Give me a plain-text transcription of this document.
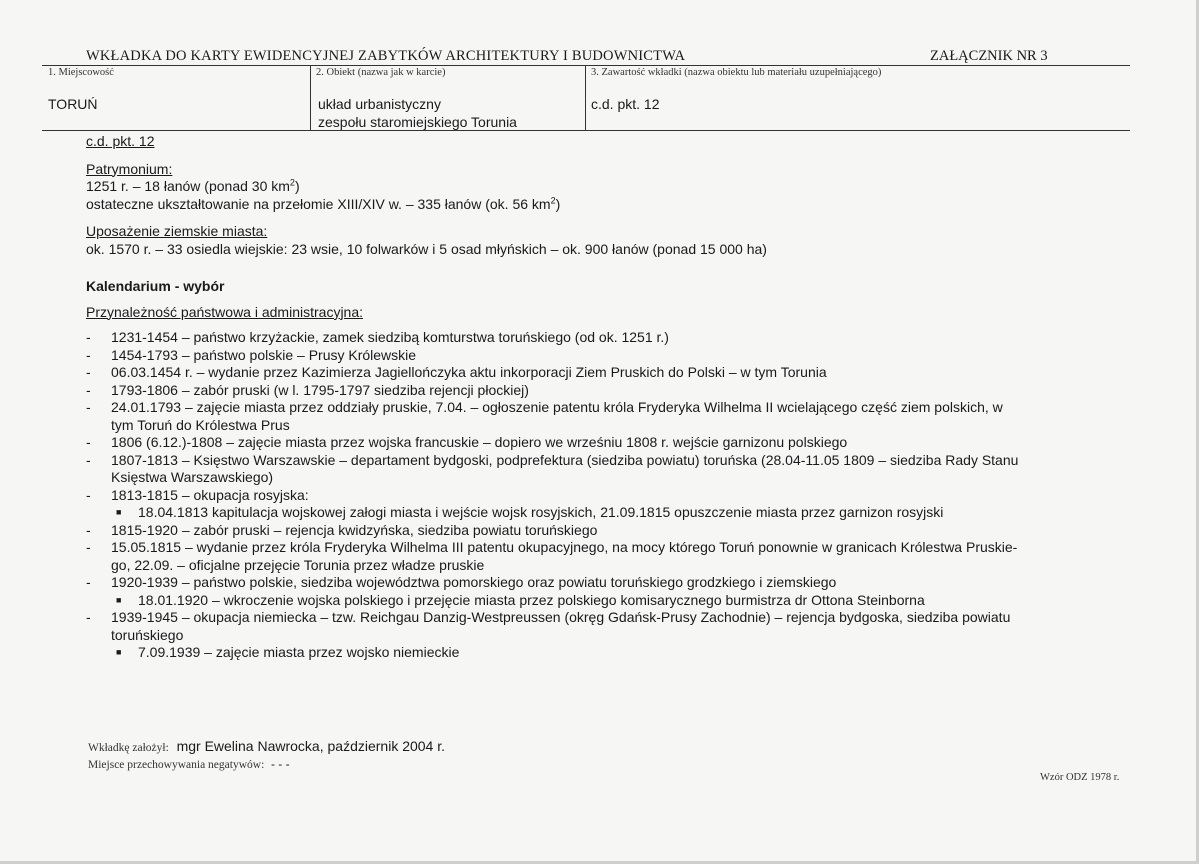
WKŁADKA DO KARTY EWIDENCYJNEJ ZABYTKÓW ARCHITEKTURY I BUDOWNICTWA	ZAŁĄCZNIK NR 3
1. Miejscowość
TORUŃ
2. Obiekt (nazwa jak w karcie)
układ urbanistyczny
zespołu staromiejskiego Torunia
3. Zawartość wkładki (nazwa obiektu lub materiału uzupełniającego)
c.d. pkt. 12
c.d. pkt. 12
Patrymonium:
1251 r. – 18 łanów (ponad 30 $km^2$)
ostateczne ukształtowanie na przełomie XIII/XIV w. – 335 łanów (ok. 56 $km^2$)
Uposażenie ziemskie miasta:
ok. 1570 r. – 33 osiedla wiejskie: 23 wsie, 10 folwarków i 5 osad młyńskich – ok. 900 łanów (ponad 15 000 ha)
Kalendarium - wybór
Przynależność państwowa i administracyjna:
- 1231-1454 – państwo krzyżackie, zamek siedzibą komturstwa toruńskiego (od ok. 1251 r.)
- 1454-1793 – państwo polskie – Prusy Królewskie
- 06.03.1454 r. – wydanie przez Kazimierza Jagiellończyka aktu inkorporacji Ziem Pruskich do Polski – w tym Torunia
- 1793-1806 – zabór pruski (w l. 1795-1797 siedziba rejencji płockiej)
- 24.01.1793 – zajęcie miasta przez oddziały pruskie, 7.04. – ogłoszenie patentu króla Fryderyka Wilhelma II wcielającego część ziem polskich, w
tym Toruń do Królestwa Prus
- 1806 (6.12.)-1808 – zajęcie miasta przez wojska francuskie – dopiero we wrześniu 1808 r. wejście garnizonu polskiego
- 1807-1813 – Księstwo Warszawskie – departament bydgoski, podprefektura (siedziba powiatu) toruńska (28.04-11.05 1809 – siedziba Rady Stanu
Księstwa Warszawskiego)
- 1813-1815 – okupacja rosyjska:
■ 18.04.1813 kapitulacja wojskowej załogi miasta i wejście wojsk rosyjskich, 21.09.1815 opuszczenie miasta przez garnizon rosyjski
- 1815-1920 – zabór pruski – rejencja kwidzyńska, siedziba powiatu toruńskiego
- 15.05.1815 – wydanie przez króla Fryderyka Wilhelma III patentu okupacyjnego, na mocy którego Toruń ponownie w granicach Królestwa Pruskie-
go, 22.09. – oficjalne przejęcie Torunia przez władze pruskie
- 1920-1939 – państwo polskie, siedziba województwa pomorskiego oraz powiatu toruńskiego grodzkiego i ziemskiego
■ 18.01.1920 – wkroczenie wojska polskiego i przejęcie miasta przez polskiego komisarycznego burmistrza dr Ottona Steinborna
- 1939-1945 – okupacja niemiecka – tzw. Reichgau Danzig-Westpreussen (okręg Gdańsk-Prusy Zachodnie) – rejencja bydgoska, siedziba powiatu
toruńskiego
■ 7.09.1939 – zajęcie miasta przez wojsko niemieckie
Wkładkę założył: mgr Ewelina Nawrocka, październik 2004 r.
Miejsce przechowywania negatywów: - - -
Wzór ODZ 1978 r.
